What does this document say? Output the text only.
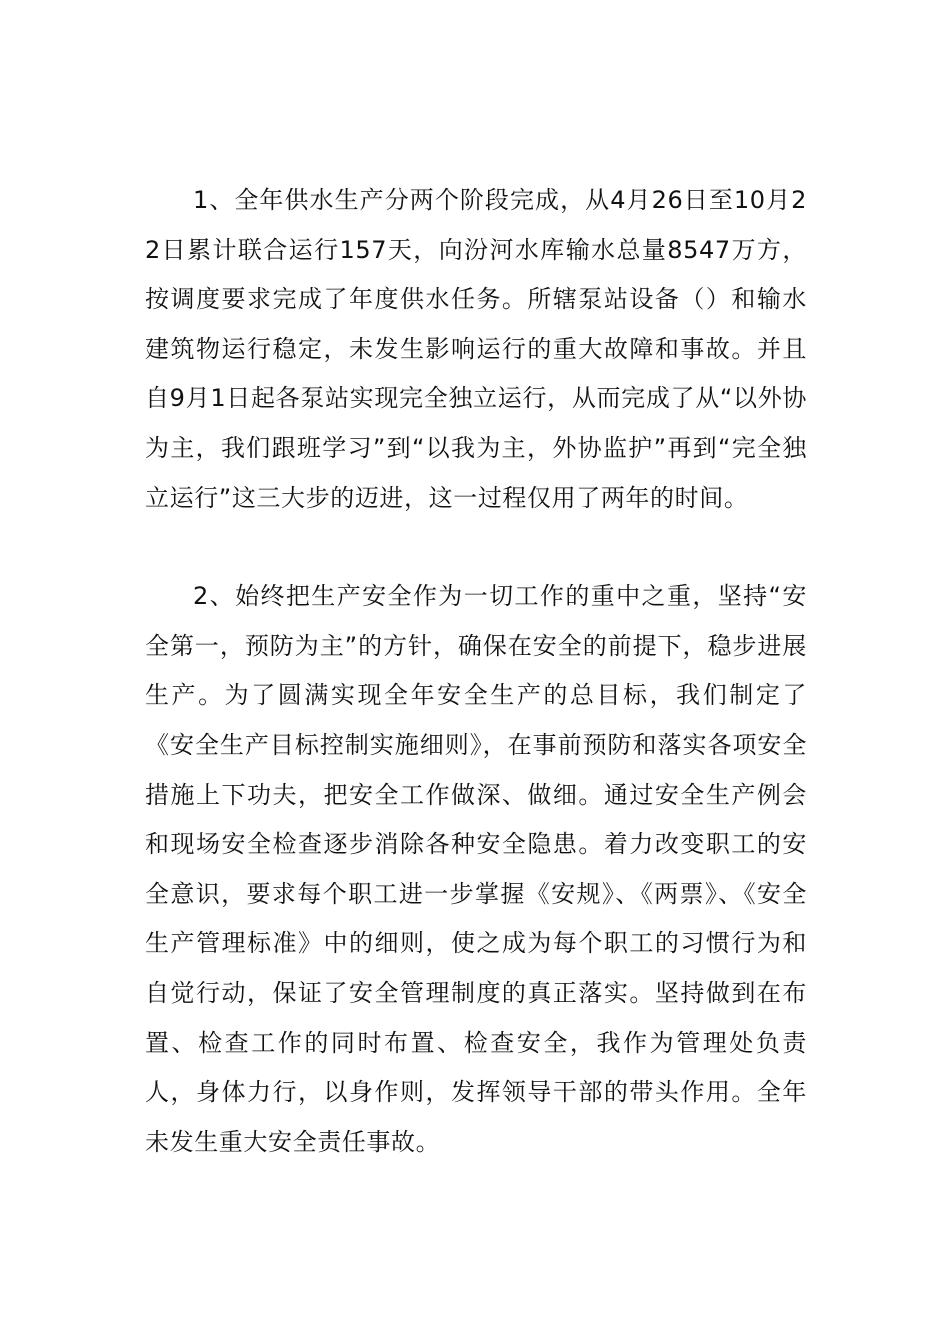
1、全年供水生产分两个阶段完成，从4月26日至10月22日累计联合运行157天，向汾河水库输水总量8547万方，按调度要求完成了年度供水任务。所辖泵站设备（）和输水建筑物运行稳定，未发生影响运行的重大故障和事故。并且自9月1日起各泵站实现完全独立运行，从而完成了从“以外协为主，我们跟班学习”到“以我为主，外协监护”再到“完全独立运行”这三大步的迈进，这一过程仅用了两年的时间。

2、始终把生产安全作为一切工作的重中之重，坚持“安全第一，预防为主”的方针，确保在安全的前提下，稳步进展生产。为了圆满实现全年安全生产的总目标，我们制定了《安全生产目标控制实施细则》，在事前预防和落实各项安全措施上下功夫，把安全工作做深、做细。通过安全生产例会和现场安全检查逐步消除各种安全隐患。着力改变职工的安全意识，要求每个职工进一步掌握《安规》、《两票》、《安全生产管理标准》中的细则，使之成为每个职工的习惯行为和自觉行动，保证了安全管理制度的真正落实。坚持做到在布置、检查工作的同时布置、检查安全，我作为管理处负责人，身体力行，以身作则，发挥领导干部的带头作用。全年未发生重大安全责任事故。
